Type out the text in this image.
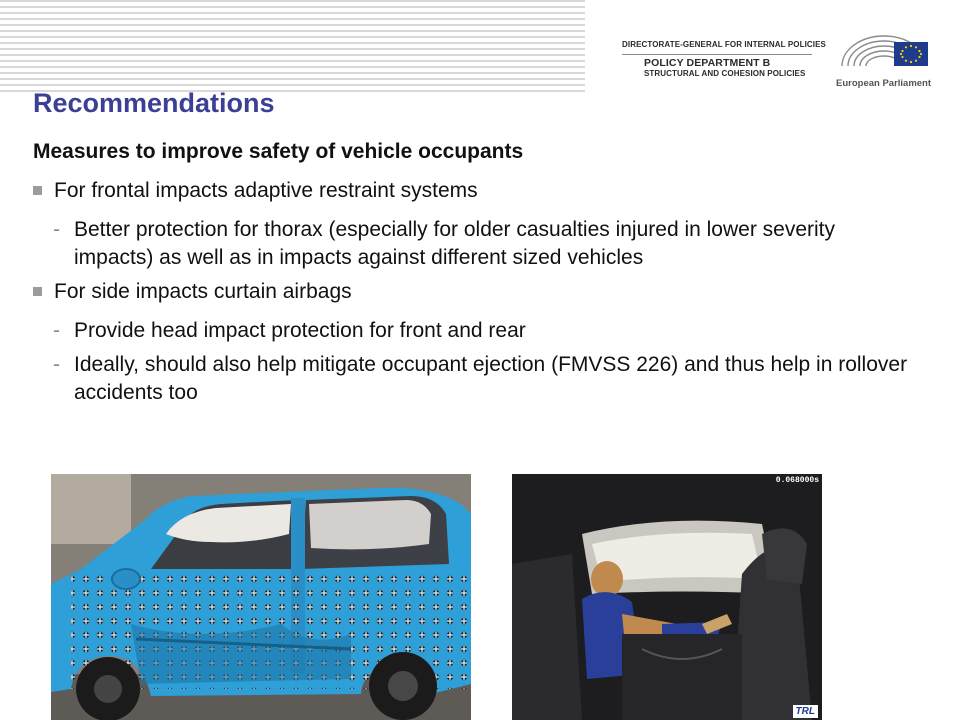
DIRECTORATE-GENERAL FOR INTERNAL POLICIES
POLICY DEPARTMENT B
STRUCTURAL AND COHESION POLICIES
European Parliament
Recommendations
Measures to improve safety of vehicle occupants
For frontal impacts adaptive restraint systems
- Better protection for thorax (especially for older casualties injured in lower severity impacts) as well as in impacts against different sized vehicles
For side impacts curtain airbags
- Provide head impact protection for front and rear
- Ideally, should also help mitigate occupant ejection (FMVSS 226) and thus help in rollover accidents too
0.068000s
TRL
